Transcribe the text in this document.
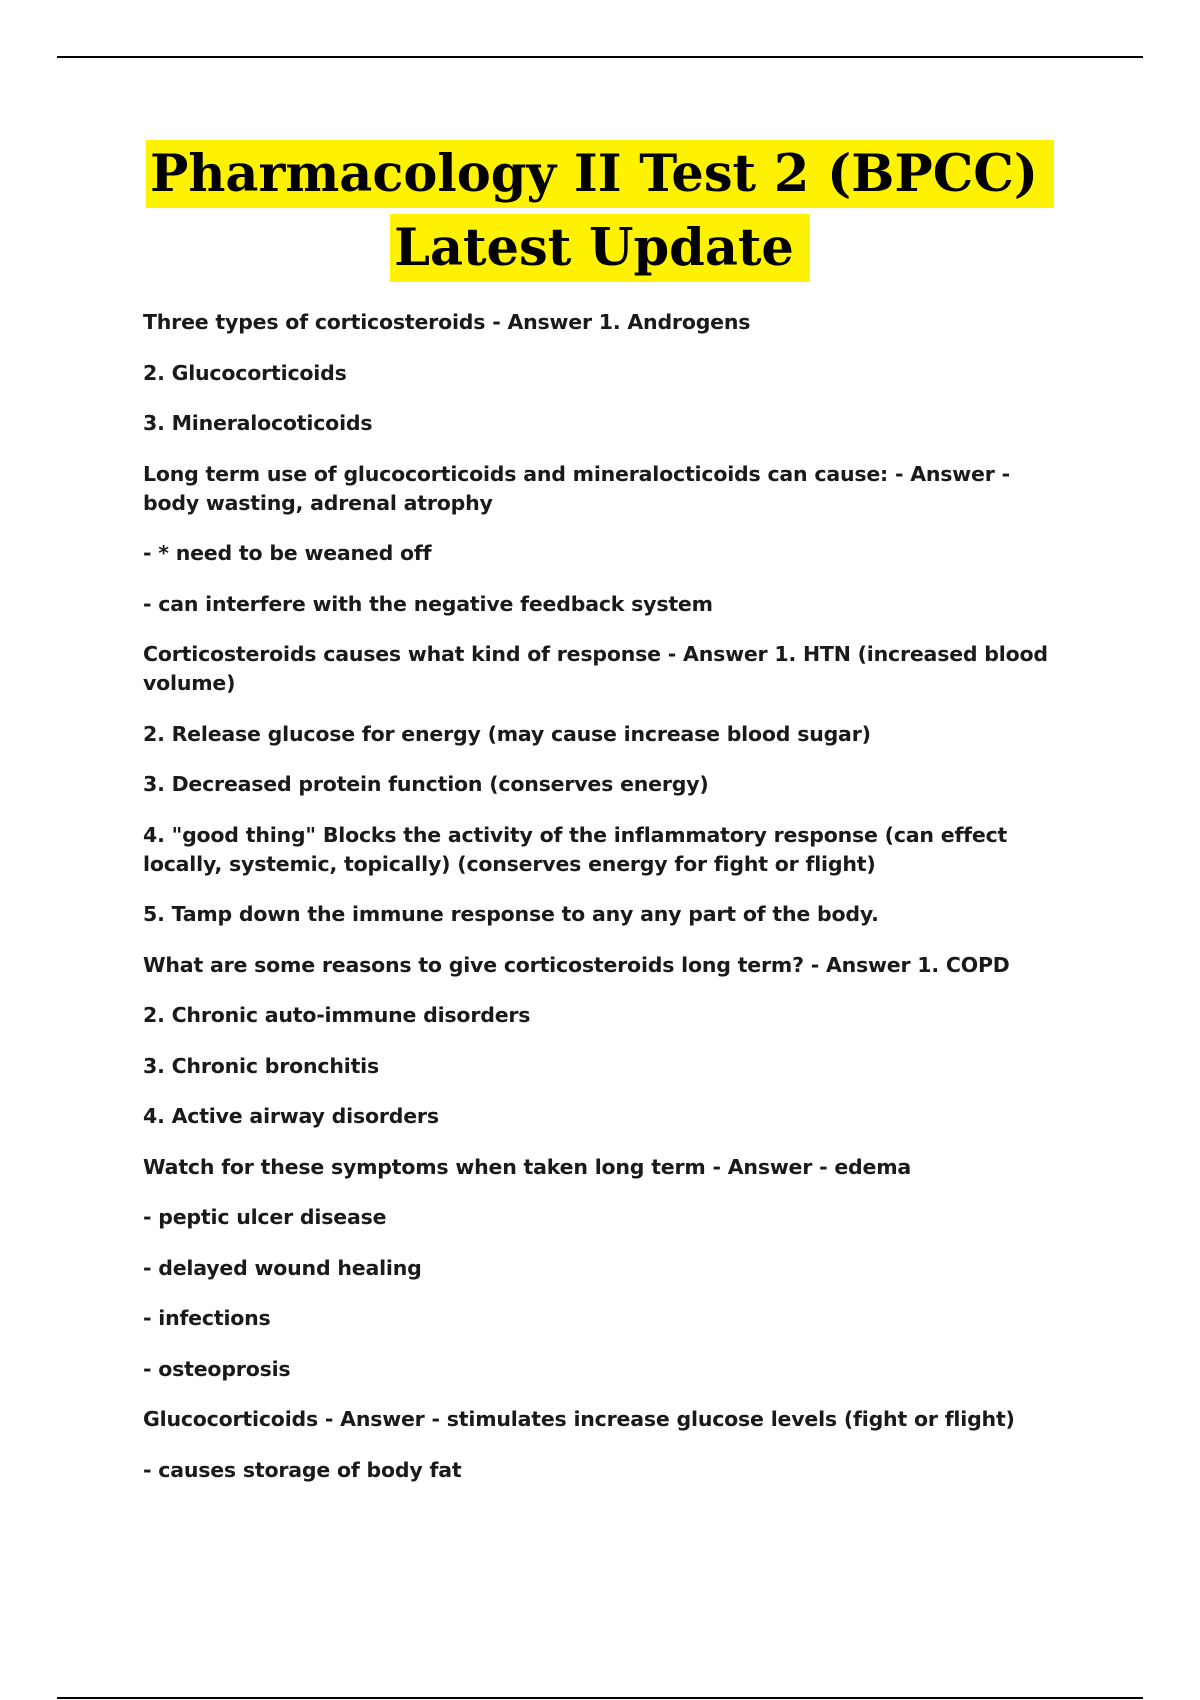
Pharmacology II Test 2 (BPCC)
Latest Update

Three types of corticosteroids - Answer 1. Androgens

2. Glucocorticoids

3. Mineralocoticoids

Long term use of glucocorticoids and mineralocticoids can cause: - Answer - body wasting, adrenal atrophy

- * need to be weaned off

- can interfere with the negative feedback system

Corticosteroids causes what kind of response - Answer 1. HTN (increased blood volume)

2. Release glucose for energy (may cause increase blood sugar)

3. Decreased protein function (conserves energy)

4. "good thing" Blocks the activity of the inflammatory response (can effect locally, systemic, topically) (conserves energy for fight or flight)

5. Tamp down the immune response to any any part of the body.

What are some reasons to give corticosteroids long term? - Answer 1. COPD

2. Chronic auto-immune disorders

3. Chronic bronchitis

4. Active airway disorders

Watch for these symptoms when taken long term - Answer - edema

- peptic ulcer disease

- delayed wound healing

- infections

- osteoprosis

Glucocorticoids - Answer - stimulates increase glucose levels (fight or flight)

- causes storage of body fat
